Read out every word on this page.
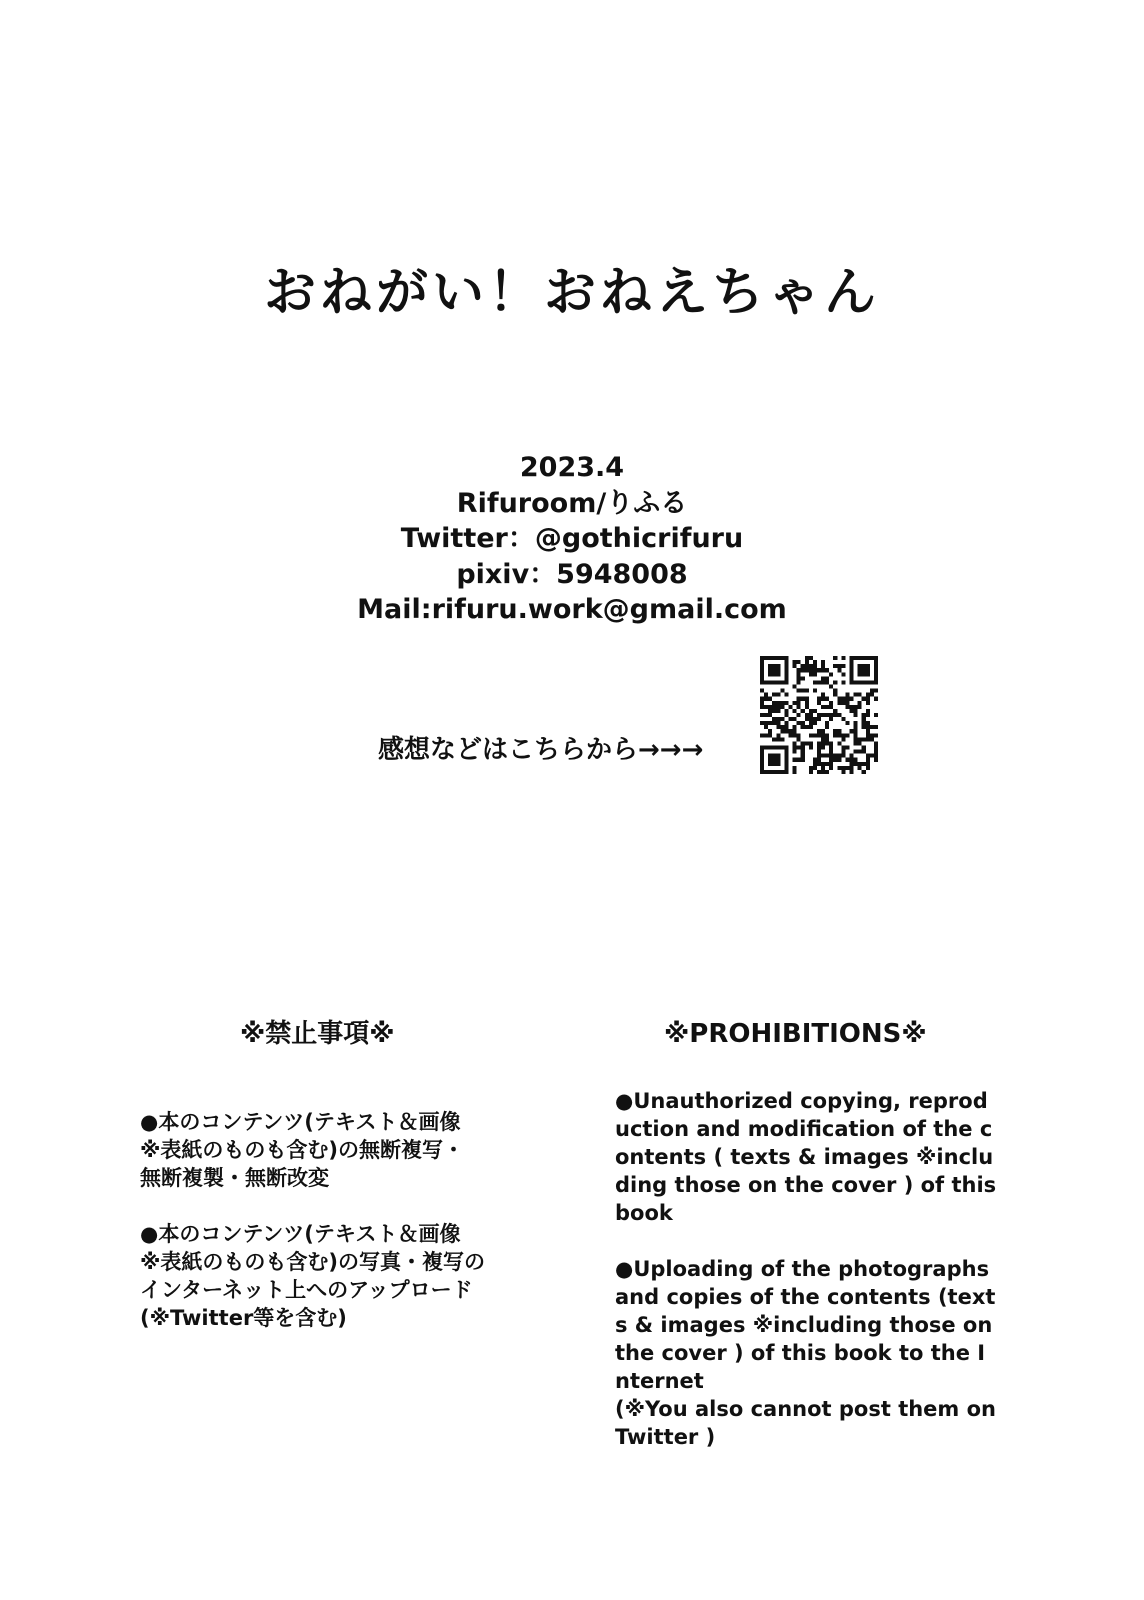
おねがい！おねえちゃん
2023.4
Rifuroom/りふる
Twitter：@gothicrifuru
pixiv：5948008
Mail:rifuru.work@gmail.com
感想などはこちらから→→→
※禁止事項※	※PROHIBITIONS※
●本のコンテンツ(テキスト＆画像
※表紙のものも含む)の無断複写・
無断複製・無断改変
●本のコンテンツ(テキスト＆画像
※表紙のものも含む)の写真・複写の
インターネット上へのアップロード
(※Twitter等を含む)
●Unauthorized copying, reprod
uction and modification of the c
ontents ( texts & images ※inclu
ding those on the cover ) of this
book
●Uploading of the photographs
and copies of the contents (text
s & images ※including those on
the cover ) of this book to the I
nternet
(※You also cannot post them on
Twitter )
